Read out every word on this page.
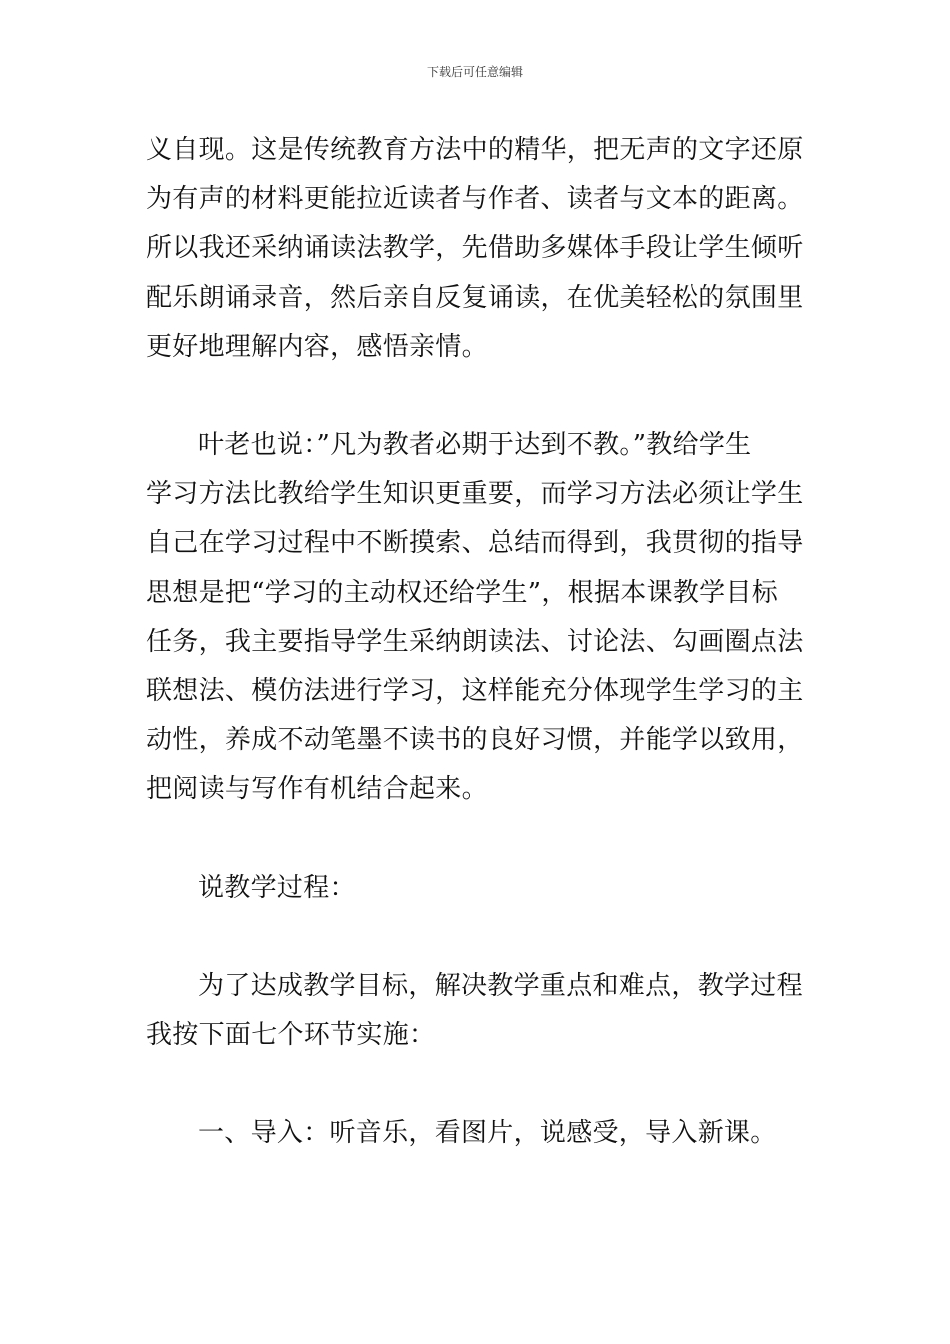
下载后可任意编辑

义自现。这是传统教育方法中的精华，把无声的文字还原
为有声的材料更能拉近读者与作者、读者与文本的距离。
所以我还采纳诵读法教学，先借助多媒体手段让学生倾听
配乐朗诵录音，然后亲自反复诵读，在优美轻松的氛围里
更好地理解内容，感悟亲情。

叶老也说：”凡为教者必期于达到不教。”教给学生
学习方法比教给学生知识更重要，而学习方法必须让学生
自己在学习过程中不断摸索、总结而得到，我贯彻的指导
思想是把“学习的主动权还给学生”，根据本课教学目标
任务，我主要指导学生采纳朗读法、讨论法、勾画圈点法
联想法、模仿法进行学习，这样能充分体现学生学习的主
动性，养成不动笔墨不读书的良好习惯，并能学以致用，
把阅读与写作有机结合起来。

说教学过程：

为了达成教学目标，解决教学重点和难点，教学过程
我按下面七个环节实施：

一、导入：听音乐，看图片，说感受，导入新课。
